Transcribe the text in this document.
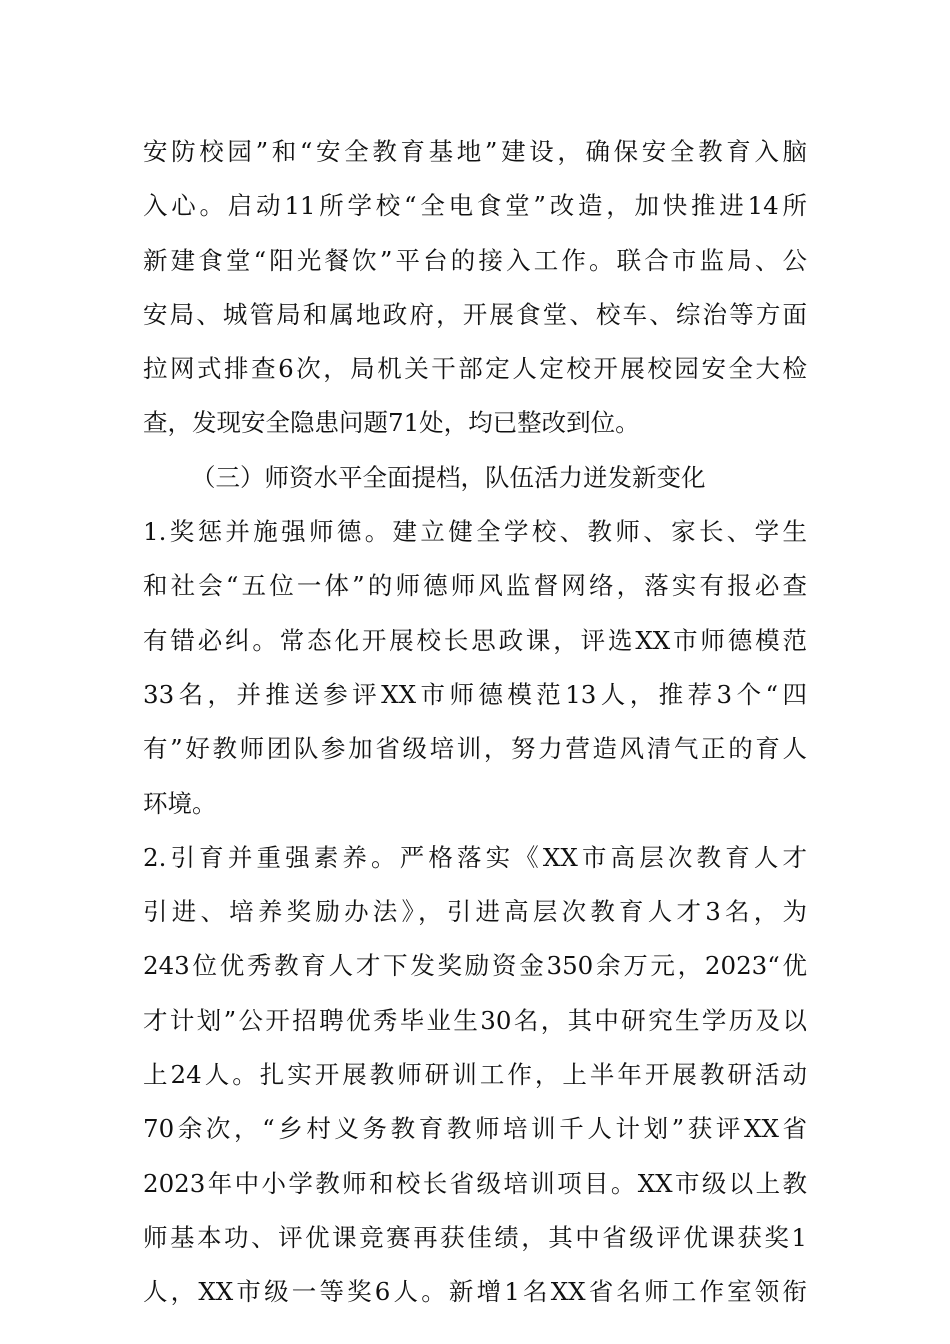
安防校园”和“安全教育基地”建设，确保安全教育入脑
入心。启动11所学校“全电食堂”改造，加快推进14所
新建食堂“阳光餐饮”平台的接入工作。联合市监局、公
安局、城管局和属地政府，开展食堂、校车、综治等方面
拉网式排查6次，局机关干部定人定校开展校园安全大检
查，发现安全隐患问题71处，均已整改到位。
（三）师资水平全面提档，队伍活力迸发新变化
1.奖惩并施强师德。建立健全学校、教师、家长、学生
和社会“五位一体”的师德师风监督网络，落实有报必查
有错必纠。常态化开展校长思政课，评选XX市师德模范
33名，并推送参评XX市师德模范13人，推荐3个“四
有”好教师团队参加省级培训，努力营造风清气正的育人
环境。
2.引育并重强素养。严格落实《XX市高层次教育人才
引进、培养奖励办法》，引进高层次教育人才3名，为
243位优秀教育人才下发奖励资金350余万元，2023“优
才计划”公开招聘优秀毕业生30名，其中研究生学历及以
上24人。扎实开展教师研训工作，上半年开展教研活动
70余次，“乡村义务教育教师培训千人计划”获评XX省
2023年中小学教师和校长省级培训项目。XX市级以上教
师基本功、评优课竞赛再获佳绩，其中省级评优课获奖1
人，XX市级一等奖6人。新增1名XX省名师工作室领衔
